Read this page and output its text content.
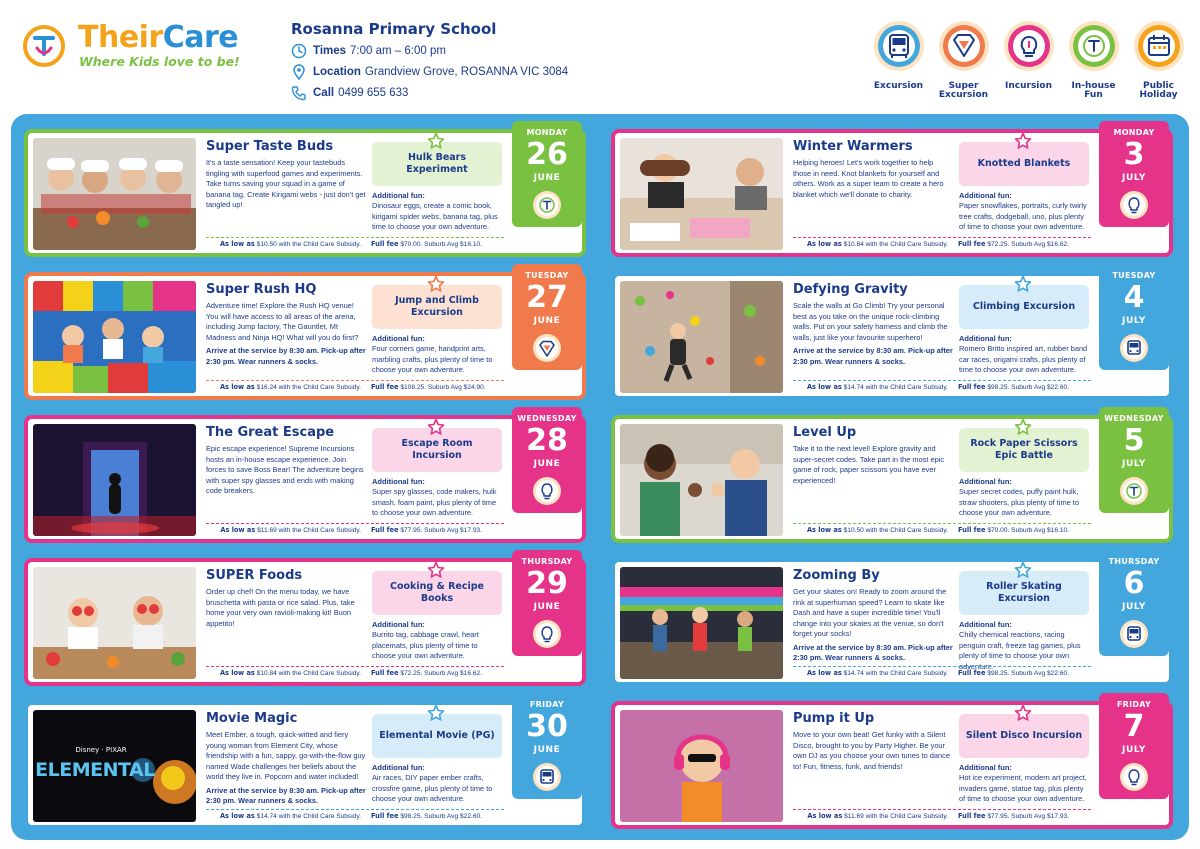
TheirCare
Where Kids love to be!
Rosanna Primary School
Times 7:00 am – 6:00 pm
Location Grandview Grove, ROSANNA VIC 3084
Call 0499 655 633
Excursion	Super Excursion
Incursion	In-house Fun
Public Holiday
Super Taste Buds
It's a taste sensation! Keep your tastebuds tingling with superfood games and experiments. Take turns saving your squad in a game of banana tag. Create Kirigami webs - just don't get tangled up!
Hulk Bears Experiment
Additional fun:
Dinosaur eggs, create a comic book, kirigami spider webs, banana tag, plus time to choose your own adventure.
As low as $10.50 with the Child Care Subsidy.	Full fee $70.00. Suburb Avg $16.10.
MONDAY
26
JUNE
Super Rush HQ
Adventure time! Explore the Rush HQ venue! You will have access to all areas of the arena, including Jump factory, The Gauntlet, Mt Madness and Ninja HQ! What will you do first?
Arrive at the service by 8:30 am. Pick-up after 2:30 pm. Wear runners & socks.
Jump and Climb Excursion
Additional fun:
Four corners game, handprint arts, marbling crafts, plus plenty of time to choose your own adventure.
As low as $16.24 with the Child Care Subsidy.	Full fee $108.25. Suburb Avg $24.90.
TUESDAY
27
JUNE
The Great Escape
Epic escape experience! Supreme Incursions hosts an in-house escape experience. Join forces to save Boss Bear! The adventure begins with super spy glasses and ends with making code breakers.
Escape Room Incursion
Additional fun:
Super spy glasses, code makers, hulk smash, foam paint, plus plenty of time to choose your own adventure.
As low as $11.69 with the Child Care Subsidy.	Full fee $77.95. Suburb Avg $17.93.
WEDNESDAY
28
JUNE
SUPER Foods
Order up chef! On the menu today, we have bruschetta with pasta or rice salad. Plus, take home your very own ravioli-making kit! Buon appetito!
Cooking & Recipe Books
Additional fun:
Burrito tag, cabbage crawl, heart placemats, plus plenty of time to choose your own adventure.
As low as $10.84 with the Child Care Subsidy.	Full fee $72.25. Suburb Avg $16.62.
THURSDAY
29
JUNE
Disney · PIXAR
ELEMENTAL
Movie Magic
Meet Ember, a tough, quick-witted and fiery young woman from Element City, whose friendship with a fun, sappy, go-with-the-flow guy named Wade challenges her beliefs about the world they live in. Popcorn and water included!
Arrive at the service by 8:30 am. Pick-up after 2:30 pm. Wear runners & socks.
Elemental Movie (PG)
Additional fun:
Air races, DIY paper ember crafts, crossfire game, plus plenty of time to choose your own adventure.
As low as $14.74 with the Child Care Subsidy.	Full fee $98.25. Suburb Avg $22.60.
FRIDAY
30
JUNE
Winter Warmers
Helping heroes! Let's work together to help those in need. Knot blankets for yourself and others. Work as a super team to create a hero blanket which we'll donate to charity.
Knotted Blankets
Additional fun:
Paper snowflakes, portraits, curly twirly tree crafts, dodgeball, uno, plus plenty of time to choose your own adventure.
As low as $10.84 with the Child Care Subsidy.	Full fee $72.25. Suburb Avg $16.62.
MONDAY
3
JULY
Defying Gravity
Scale the walls at Go Climb! Try your personal best as you take on the unique rock-climbing walls. Put on your safety harness and climb the walls, just like your favourite superhero!
Arrive at the service by 8:30 am. Pick-up after 2:30 pm. Wear runners & socks.
Climbing Excursion
Additional fun:
Romero Britto inspired art, rubber band car races, origami crafts, plus plenty of time to choose your own adventure.
As low as $14.74 with the Child Care Subsidy.	Full fee $98.25. Suburb Avg $22.60.
TUESDAY
4
JULY
Level Up
Take it to the next level! Explore gravity and super-secret codes. Take part in the most epic game of rock, paper scissors you have ever experienced!
Rock Paper Scissors Epic Battle
Additional fun:
Super secret codes, puffy paint hulk, straw shooters, plus plenty of time to choose your own adventure.
As low as $10.50 with the Child Care Subsidy.	Full fee $70.00. Suburb Avg $16.10.
WEDNESDAY
5
JULY
Zooming By
Get your skates on! Ready to zoom around the rink at superhuman speed? Learn to skate like Dash and have a super incredible time! You'll change into your skates at the venue, so don't forget your socks!
Arrive at the service by 8:30 am. Pick-up after 2:30 pm. Wear runners & socks.
Roller Skating Excursion
Additional fun:
Chilly chemical reactions, racing penguin craft, freeze tag games, plus plenty of time to choose your own adventure.
As low as $14.74 with the Child Care Subsidy.	Full fee $98.25. Suburb Avg $22.60.
THURSDAY
6
JULY
Pump it Up
Move to your own beat! Get funky with a Silent Disco, brought to you by Party Higher. Be your own DJ as you choose your own tunes to dance to! Fun, fitness, funk, and friends!
Silent Disco Incursion
Additional fun:
Hot ice experiment, modern art project, invaders game, statue tag, plus plenty of time to choose your own adventure.
As low as $11.69 with the Child Care Subsidy.	Full fee $77.95. Suburb Avg $17.93.
FRIDAY
7
JULY
